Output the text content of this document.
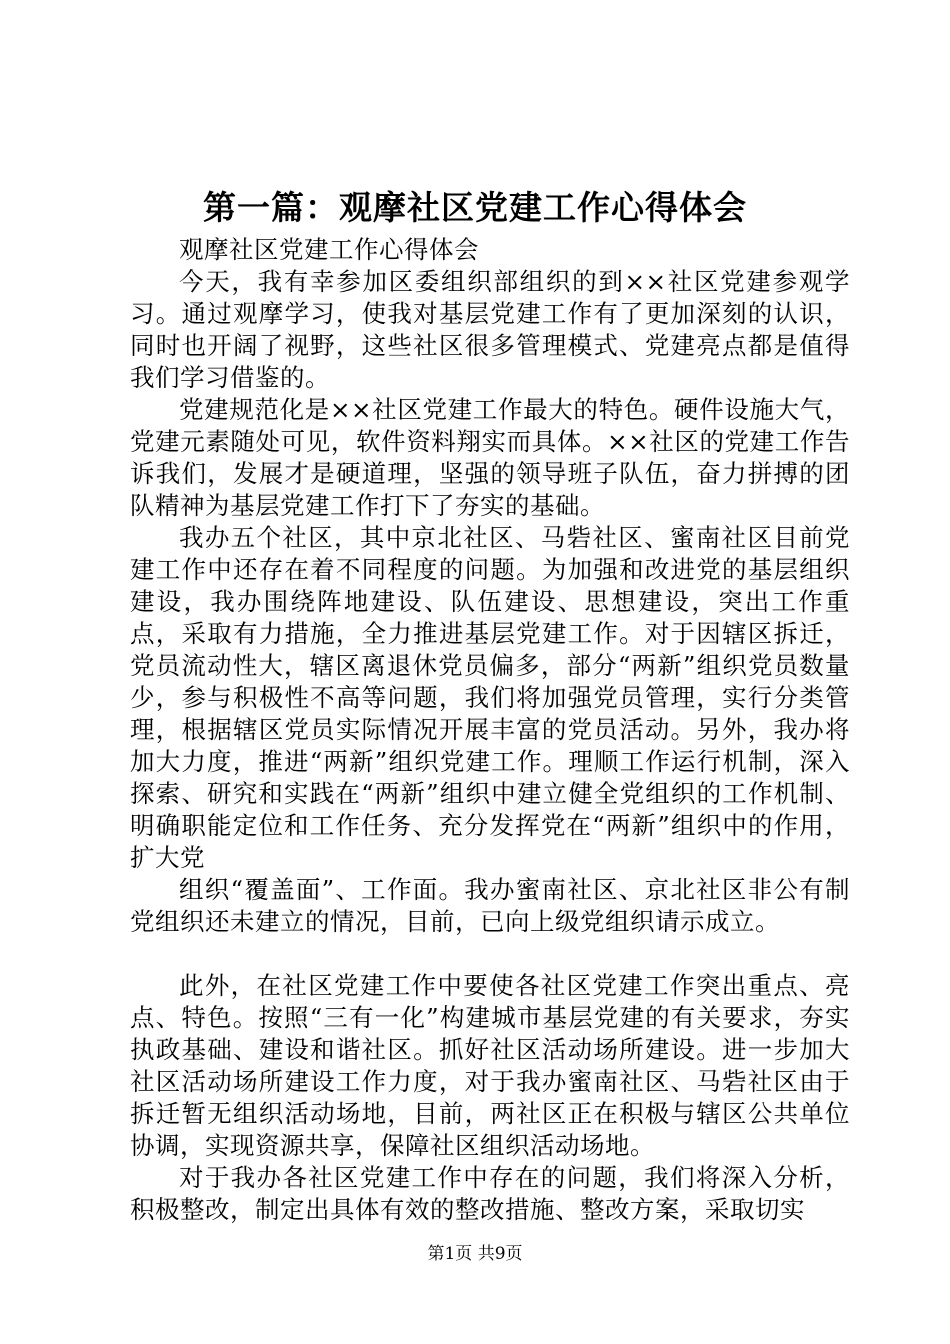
第一篇：观摩社区党建工作心得体会

观摩社区党建工作心得体会

今天，我有幸参加区委组织部组织的到××社区党建参观学习。通过观摩学习，使我对基层党建工作有了更加深刻的认识，同时也开阔了视野，这些社区很多管理模式、党建亮点都是值得我们学习借鉴的。

党建规范化是××社区党建工作最大的特色。硬件设施大气，党建元素随处可见，软件资料翔实而具体。××社区的党建工作告诉我们，发展才是硬道理，坚强的领导班子队伍，奋力拼搏的团队精神为基层党建工作打下了夯实的基础。

我办五个社区，其中京北社区、马砦社区、蜜南社区目前党建工作中还存在着不同程度的问题。为加强和改进党的基层组织建设，我办围绕阵地建设、队伍建设、思想建设，突出工作重点，采取有力措施，全力推进基层党建工作。对于因辖区拆迁，党员流动性大，辖区离退休党员偏多，部分“两新”组织党员数量少，参与积极性不高等问题，我们将加强党员管理，实行分类管理，根据辖区党员实际情况开展丰富的党员活动。另外，我办将加大力度，推进“两新”组织党建工作。理顺工作运行机制，深入探索、研究和实践在“两新”组织中建立健全党组织的工作机制、明确职能定位和工作任务、充分发挥党在“两新”组织中的作用，扩大党

组织“覆盖面”、工作面。我办蜜南社区、京北社区非公有制党组织还未建立的情况，目前，已向上级党组织请示成立。

此外，在社区党建工作中要使各社区党建工作突出重点、亮点、特色。按照“三有一化”构建城市基层党建的有关要求，夯实执政基础、建设和谐社区。抓好社区活动场所建设。进一步加大社区活动场所建设工作力度，对于我办蜜南社区、马砦社区由于拆迁暂无组织活动场地，目前，两社区正在积极与辖区公共单位协调，实现资源共享，保障社区组织活动场地。

对于我办各社区党建工作中存在的问题，我们将深入分析，积极整改，制定出具体有效的整改措施、整改方案，采取切实

第1页 共9页
